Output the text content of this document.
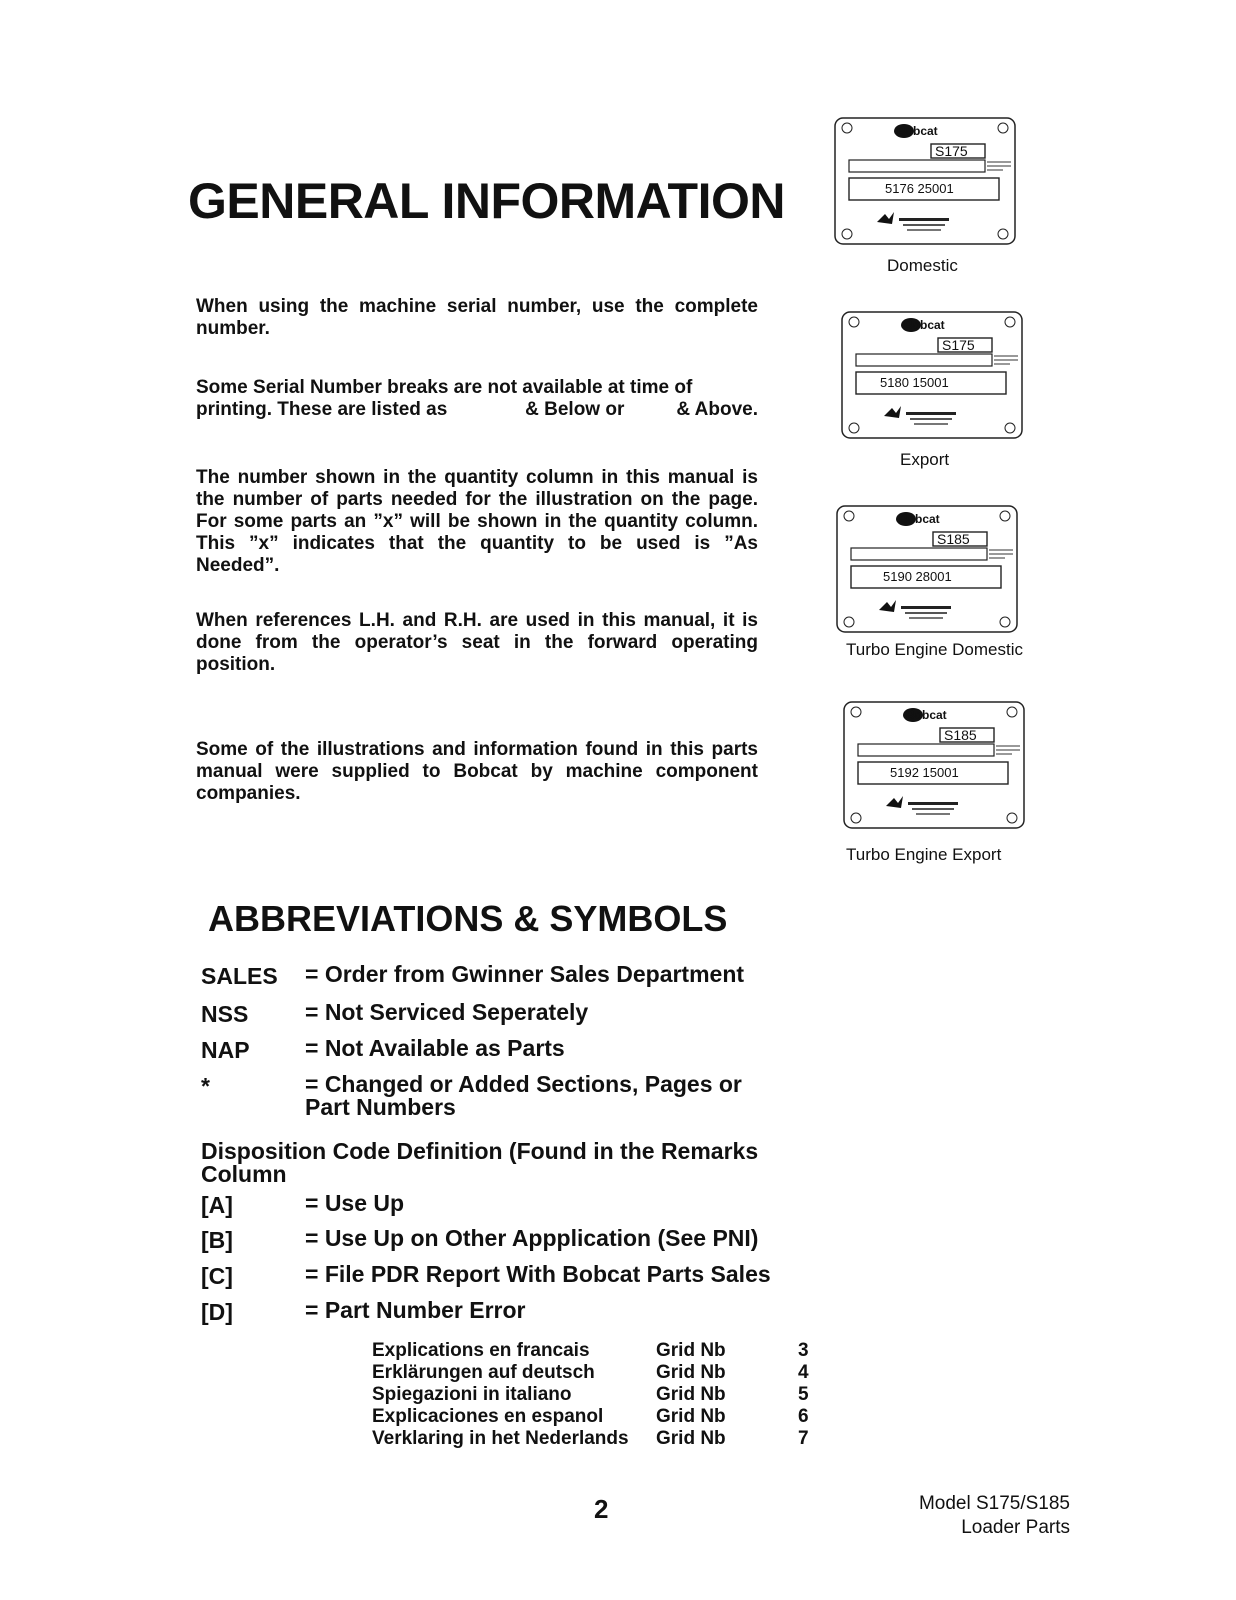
GENERAL INFORMATION
When using the machine serial number, use the complete number.
Some Serial Number breaks are not available at time of
printing. These are listed as	& Below or	& Above.
The number shown in the quantity column in this manual is the number of parts needed for the illustration on the page. For some parts an ”x” will be shown in the quantity column. This ”x” indicates that the quantity to be used is ”As Needed”.
When references L.H. and R.H. are used in this manual, it is done from the operator’s seat in the forward operating position.
Some of the illustrations and information found in this parts manual were supplied to Bobcat by machine component companies.
Bobcat
S175
5176 25001
Domestic
Bobcat
S175
5180 15001
Export
Bobcat
S185
5190 28001
Turbo Engine Domestic
Bobcat
S185
5192 15001
Turbo Engine Export
ABBREVIATIONS & SYMBOLS
SALES = Order from Gwinner Sales Department
NSS = Not Serviced Seperately
NAP = Not Available as Parts
*	= Changed or Added Sections, Pages or Part Numbers
Disposition Code Definition (Found in the Remarks Column
[A]	= Use Up
[B]	= Use Up on Other Appplication (See PNI)
[C]	= File PDR Report With Bobcat Parts Sales
[D]	= Part Number Error
Explications en francais	Grid Nb	3
Erklärungen auf deutsch	Grid Nb	4
Spiegazioni in italiano	Grid Nb	5
Explicaciones en espanol	Grid Nb	6
Verklaring in het Nederlands Grid Nb	7
2	Model S175/S185
Loader Parts
